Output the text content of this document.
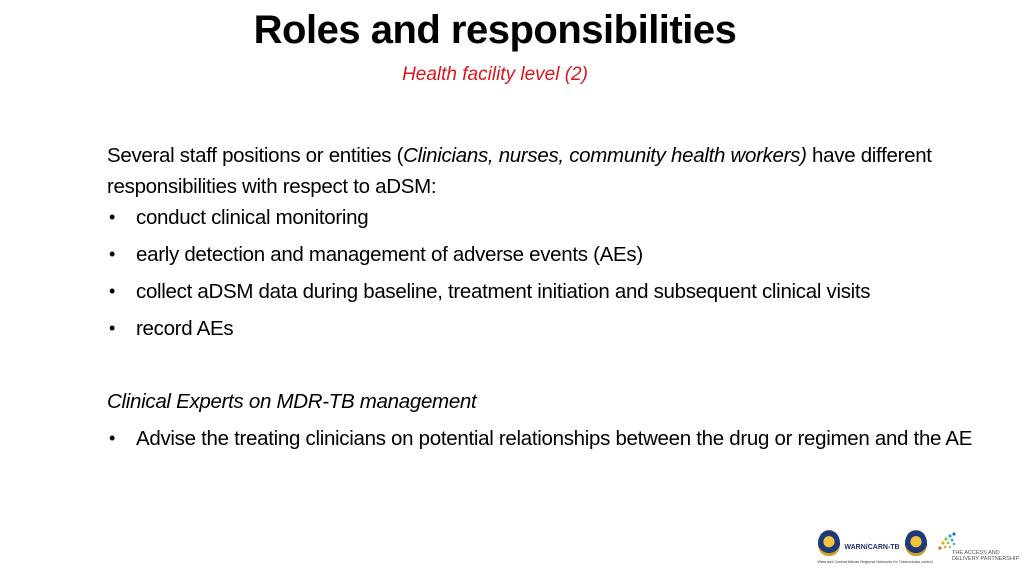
Roles and responsibilities

Health facility level (2)

Several staff positions or entities (Clinicians, nurses, community health workers) have different responsibilities with respect to aDSM:

• conduct clinical monitoring
• early detection and management of adverse events (AEs)
• collect aDSM data during baseline, treatment initiation and subsequent clinical visits
• record AEs

Clinical Experts on MDR-TB management

• Advise the treating clinicians on potential relationships between the drug or regimen and the AE
WARN/CARN-TB
West and Central African Regional Networks for Tuberculosis control
THE ACCESS AND
DELIVERY PARTNERSHIP
